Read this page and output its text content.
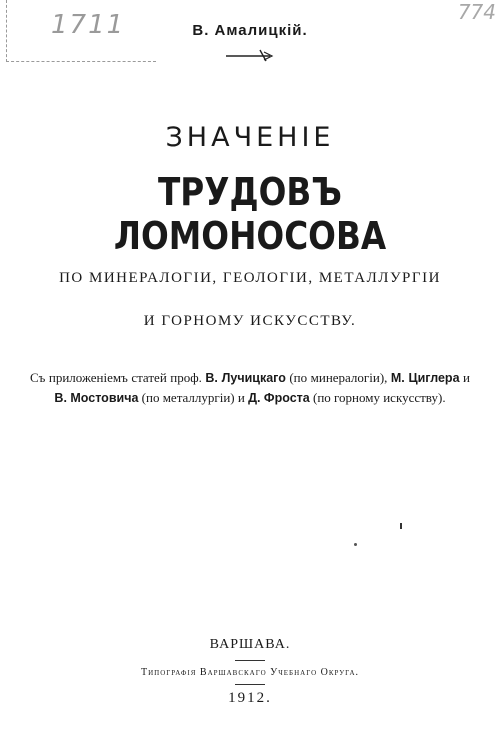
1711	774
В. Амалицкій.
ЗНАЧЕНІЕ
ТРУДОВЪ ЛОМОНОСОВА
ПО МИНЕРАЛОГІИ, ГЕОЛОГІИ, МЕТАЛЛУРГІИ
И ГОРНОМУ ИСКУССТВУ.
Съ приложеніемъ статей проф. В. Лучицкаго (по минералогіи), М. Циглера и В. Мостовича (по металлургіи) и Д. Фроста (по горному искусству).
ВАРШАВА.
Типографія Варшавскаго Учебнаго Округа.
1912.
